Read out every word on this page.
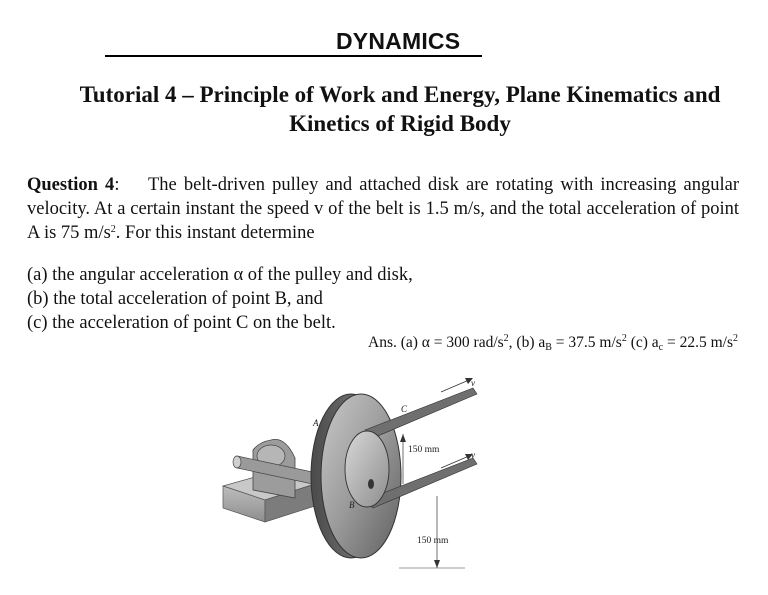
DYNAMICS
Tutorial 4 – Principle of Work and Energy, Plane Kinematics and Kinetics of Rigid Body
Question 4:    The belt-driven pulley and attached disk are rotating with increasing angular velocity. At a certain instant the speed v of the belt is 1.5 m/s, and the total acceleration of point A is 75 $m/s^2$. For this instant determine
(a) the angular acceleration α of the pulley and disk,
(b) the total acceleration of point B, and
(c) the acceleration of point C on the belt.
Ans. (a) α = 300 rad/$s^2$, (b) $a_B = 37.5$ $m/s^2$ (c) $a_c = 22.5$ $m/s^2$
A
B
C
v
v
150 mm
150 mm
